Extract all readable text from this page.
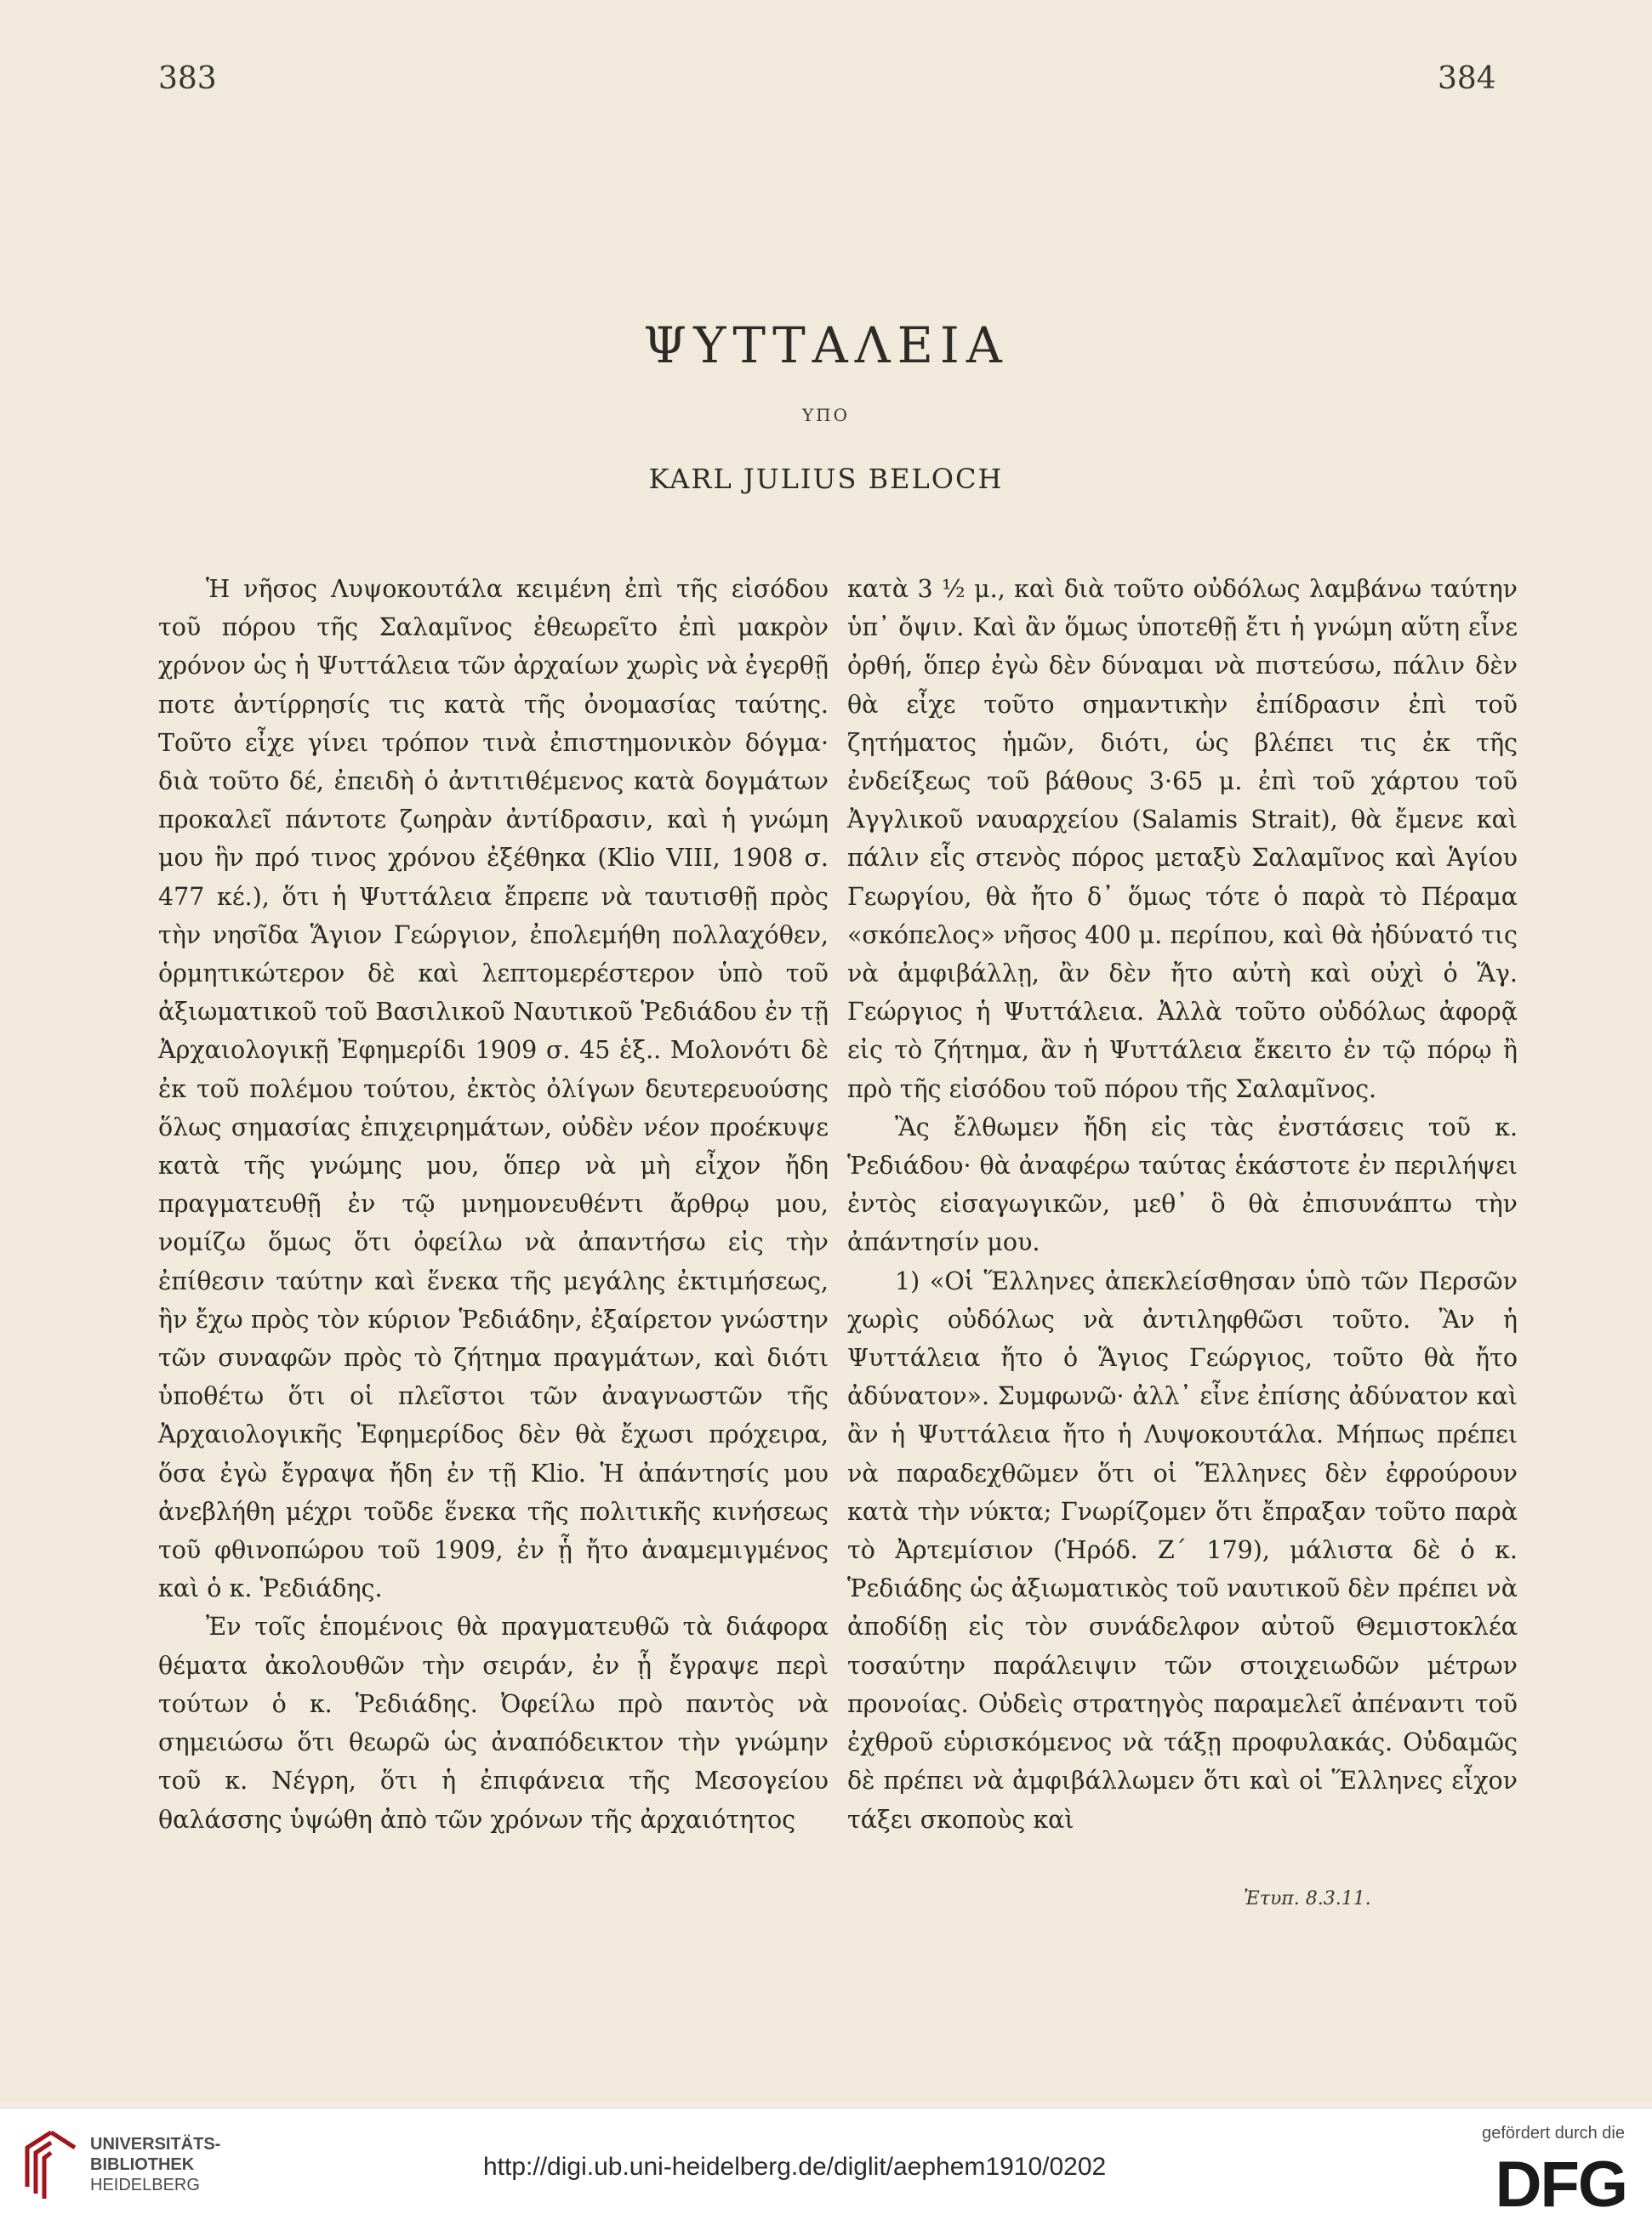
383	384
ΨΥΤΤΑΛΕΙΑ
ΥΠΟ
KARL JULIUS BELOCH

Ἡ νῆσος Λυψοκουτάλα κειμένη ἐπὶ τῆς εἰσόδου τοῦ πόρου τῆς Σαλαμῖνος ἐθεωρεῖτο ἐπὶ μακρὸν χρόνον ὡς ἡ Ψυττάλεια τῶν ἀρχαίων χωρὶς νὰ ἐγερθῇ ποτε ἀντίρρησίς τις κατὰ τῆς ὀνομασίας ταύτης. Τοῦτο εἶχε γίνει τρόπον τινὰ ἐπιστημονικὸν δόγμα· διὰ τοῦτο δέ, ἐπειδὴ ὁ ἀντιτιθέμενος κατὰ δογμάτων προκαλεῖ πάντοτε ζωηρὰν ἀντίδρασιν, καὶ ἡ γνώμη μου ἣν πρό τινος χρόνου ἐξέθηκα (Klio VIII, 1908 σ. 477 κέ.), ὅτι ἡ Ψυττάλεια ἔπρεπε νὰ ταυτισθῇ πρὸς τὴν νησῖδα Ἅγιον Γεώργιον, ἐπολεμήθη πολλαχόθεν, ὁρμητικώτερον δὲ καὶ λεπτομερέστερον ὑπὸ τοῦ ἀξιωματικοῦ τοῦ Βασιλικοῦ Ναυτικοῦ Ῥεδιάδου ἐν τῇ Ἀρχαιολογικῇ Ἐφημερίδι 1909 σ. 45 ἑξ.. Μολονότι δὲ ἐκ τοῦ πολέμου τούτου, ἐκτὸς ὀλίγων δευτερευούσης ὅλως σημασίας ἐπιχειρημάτων, οὐδὲν νέον προέκυψε κατὰ τῆς γνώμης μου, ὅπερ νὰ μὴ εἶχον ἤδη πραγματευθῇ ἐν τῷ μνημονευθέντι ἄρθρῳ μου, νομίζω ὅμως ὅτι ὀφείλω νὰ ἀπαντήσω εἰς τὴν ἐπίθεσιν ταύτην καὶ ἕνεκα τῆς μεγάλης ἐκτιμήσεως, ἣν ἔχω πρὸς τὸν κύριον Ῥεδιάδην, ἐξαίρετον γνώστην τῶν συναφῶν πρὸς τὸ ζήτημα πραγμάτων, καὶ διότι ὑποθέτω ὅτι οἱ πλεῖστοι τῶν ἀναγνωστῶν τῆς Ἀρχαιολογικῆς Ἐφημερίδος δὲν θὰ ἔχωσι πρόχειρα, ὅσα ἐγὼ ἔγραψα ἤδη ἐν τῇ Klio. Ἡ ἀπάντησίς μου ἀνεβλήθη μέχρι τοῦδε ἕνεκα τῆς πολιτικῆς κινήσεως τοῦ φθινοπώρου τοῦ 1909, ἐν ᾗ ἤτο ἀναμεμιγμένος καὶ ὁ κ. Ῥεδιάδης.

Ἐν τοῖς ἑπομένοις θὰ πραγματευθῶ τὰ διάφορα θέματα ἀκολουθῶν τὴν σειράν, ἐν ᾗ ἔγραψε περὶ τούτων ὁ κ. Ῥεδιάδης. Ὀφείλω πρὸ παντὸς νὰ σημειώσω ὅτι θεωρῶ ὡς ἀναπόδεικτον τὴν γνώμην τοῦ κ. Νέγρη, ὅτι ἡ ἐπιφάνεια τῆς Μεσογείου θαλάσσης ὑψώθη ἀπὸ τῶν χρόνων τῆς ἀρχαιότητος

κατὰ 3 ½ μ., καὶ διὰ τοῦτο οὐδόλως λαμβάνω ταύτην ὑπ᾽ ὄψιν. Καὶ ἂν ὅμως ὑποτεθῇ ἔτι ἡ γνώμη αὕτη εἶνε ὀρθή, ὅπερ ἐγὼ δὲν δύναμαι νὰ πιστεύσω, πάλιν δὲν θὰ εἶχε τοῦτο σημαντικὴν ἐπίδρασιν ἐπὶ τοῦ ζητήματος ἡμῶν, διότι, ὡς βλέπει τις ἐκ τῆς ἐνδείξεως τοῦ βάθους 3·65 μ. ἐπὶ τοῦ χάρτου τοῦ Ἀγγλικοῦ ναυαρχείου (Salamis Strait), θὰ ἔμενε καὶ πάλιν εἷς στενὸς πόρος μεταξὺ Σαλαμῖνος καὶ Ἁγίου Γεωργίου, θὰ ἤτο δ᾽ ὅμως τότε ὁ παρὰ τὸ Πέραμα «σκόπελος» νῆσος 400 μ. περίπου, καὶ θὰ ἠδύνατό τις νὰ ἀμφιβάλλῃ, ἂν δὲν ἤτο αὐτὴ καὶ οὐχὶ ὁ Ἅγ. Γεώργιος ἡ Ψυττάλεια. Ἀλλὰ τοῦτο οὐδόλως ἀφορᾷ εἰς τὸ ζήτημα, ἂν ἡ Ψυττάλεια ἔκειτο ἐν τῷ πόρῳ ἢ πρὸ τῆς εἰσόδου τοῦ πόρου τῆς Σαλαμῖνος.

Ἂς ἔλθωμεν ἤδη εἰς τὰς ἐνστάσεις τοῦ κ. Ῥεδιάδου· θὰ ἀναφέρω ταύτας ἑκάστοτε ἐν περιλήψει ἐντὸς εἰσαγωγικῶν, μεθ᾽ ὃ θὰ ἐπισυνάπτω τὴν ἀπάντησίν μου.

1) «Οἱ Ἕλληνες ἀπεκλείσθησαν ὑπὸ τῶν Περσῶν χωρὶς οὐδόλως νὰ ἀντιληφθῶσι τοῦτο. Ἂν ἡ Ψυττάλεια ἤτο ὁ Ἅγιος Γεώργιος, τοῦτο θὰ ἤτο ἀδύνατον». Συμφωνῶ· ἀλλ᾽ εἶνε ἐπίσης ἀδύνατον καὶ ἂν ἡ Ψυττάλεια ἤτο ἡ Λυψοκουτάλα. Μήπως πρέπει νὰ παραδεχθῶμεν ὅτι οἱ Ἕλληνες δὲν ἐφρούρουν κατὰ τὴν νύκτα; Γνωρίζομεν ὅτι ἔπραξαν τοῦτο παρὰ τὸ Ἀρτεμίσιον (Ἡρόδ. Ζ΄ 179), μάλιστα δὲ ὁ κ. Ῥεδιάδης ὡς ἀξιωματικὸς τοῦ ναυτικοῦ δὲν πρέπει νὰ ἀποδίδῃ εἰς τὸν συνάδελφον αὐτοῦ Θεμιστοκλέα τοσαύτην παράλειψιν τῶν στοιχειωδῶν μέτρων προνοίας. Οὐδεὶς στρατηγὸς παραμελεῖ ἀπέναντι τοῦ ἐχθροῦ εὑρισκόμενος νὰ τάξῃ προφυλακάς. Οὐδαμῶς δὲ πρέπει νὰ ἀμφιβάλλωμεν ὅτι καὶ οἱ Ἕλληνες εἶχον τάξει σκοποὺς καὶ

Ἐτυπ. 8.3.11.
UNIVERSITÄTS-
BIBLIOTHEK
HEIDELBERG
http://digi.ub.uni-heidelberg.de/diglit/aephem1910/0202
gefördert durch die
DFG
